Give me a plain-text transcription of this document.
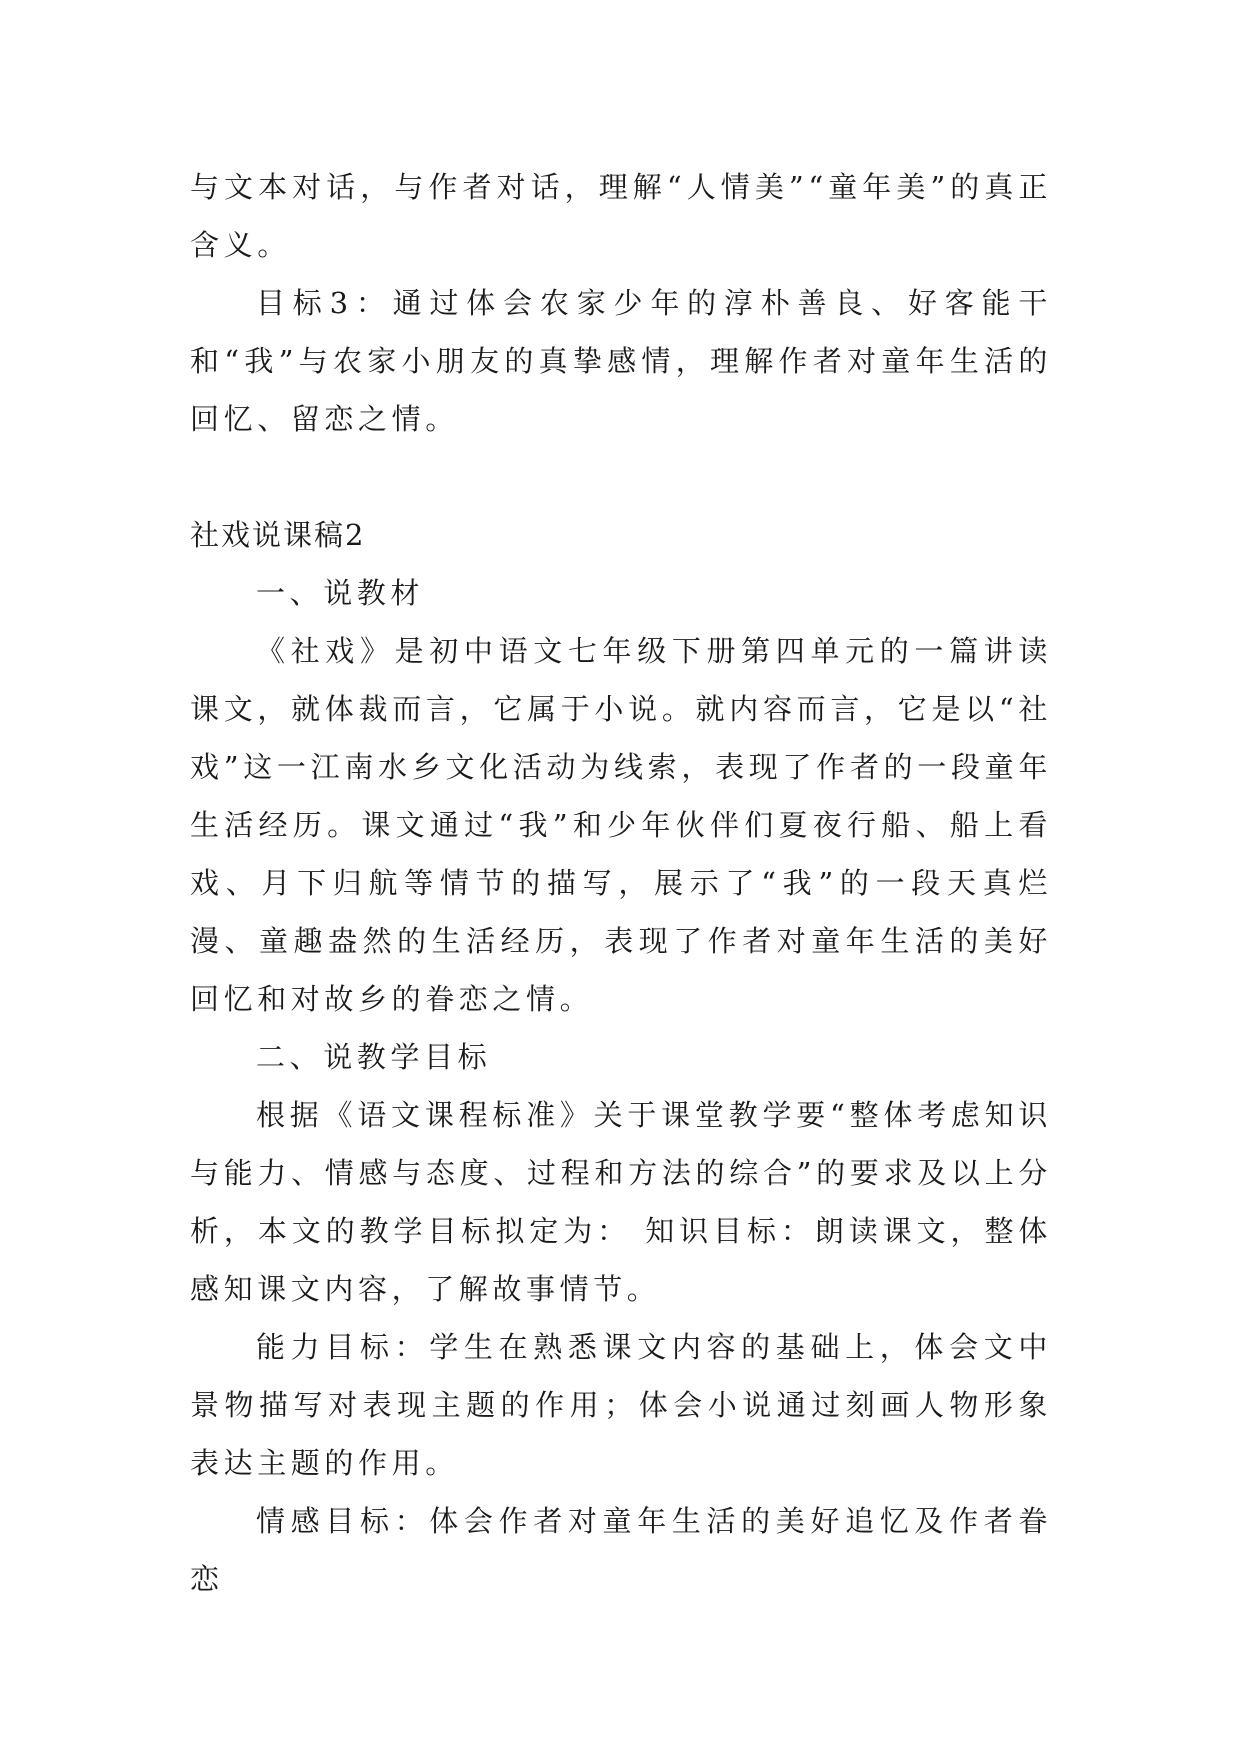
与文本对话，与作者对话，理解“人情美”“童年美”的真正含义。

目标3：通过体会农家少年的淳朴善良、好客能干和“我”与农家小朋友的真挚感情，理解作者对童年生活的回忆、留恋之情。

社戏说课稿2

一、说教材

《社戏》是初中语文七年级下册第四单元的一篇讲读课文，就体裁而言，它属于小说。就内容而言，它是以“社戏”这一江南水乡文化活动为线索，表现了作者的一段童年生活经历。课文通过“我”和少年伙伴们夏夜行船、船上看戏、月下归航等情节的描写，展示了“我”的一段天真烂漫、童趣盎然的生活经历，表现了作者对童年生活的美好回忆和对故乡的眷恋之情。

二、说教学目标

根据《语文课程标准》关于课堂教学要“整体考虑知识与能力、情感与态度、过程和方法的综合”的要求及以上分析，本文的教学目标拟定为： 知识目标：朗读课文，整体感知课文内容，了解故事情节。

能力目标：学生在熟悉课文内容的基础上，体会文中景物描写对表现主题的作用；体会小说通过刻画人物形象表达主题的作用。

情感目标：体会作者对童年生活的美好追忆及作者眷恋
